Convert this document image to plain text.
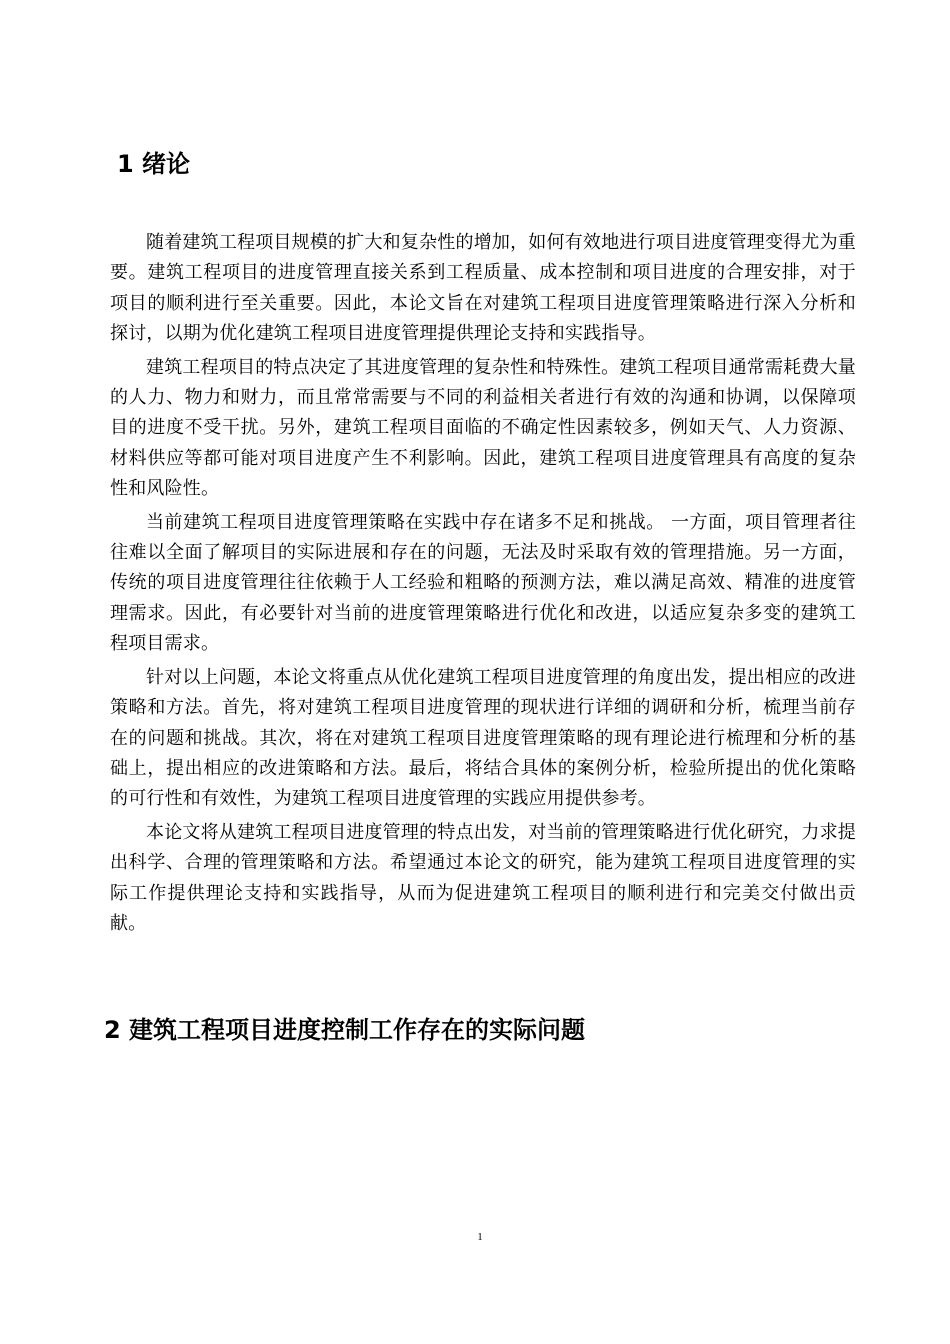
1 绪论

随着建筑工程项目规模的扩大和复杂性的增加，如何有效地进行项目进度管理变得尤为重要。建筑工程项目的进度管理直接关系到工程质量、成本控制和项目进度的合理安排，对于项目的顺利进行至关重要。因此，本论文旨在对建筑工程项目进度管理策略进行深入分析和探讨，以期为优化建筑工程项目进度管理提供理论支持和实践指导。

建筑工程项目的特点决定了其进度管理的复杂性和特殊性。建筑工程项目通常需耗费大量的人力、物力和财力，而且常常需要与不同的利益相关者进行有效的沟通和协调，以保障项目的进度不受干扰。另外，建筑工程项目面临的不确定性因素较多，例如天气、人力资源、材料供应等都可能对项目进度产生不利影响。因此，建筑工程项目进度管理具有高度的复杂性和风险性。

当前建筑工程项目进度管理策略在实践中存在诸多不足和挑战。 一方面，项目管理者往往难以全面了解项目的实际进展和存在的问题，无法及时采取有效的管理措施。另一方面，传统的项目进度管理往往依赖于人工经验和粗略的预测方法，难以满足高效、精准的进度管理需求。因此，有必要针对当前的进度管理策略进行优化和改进，以适应复杂多变的建筑工程项目需求。

针对以上问题，本论文将重点从优化建筑工程项目进度管理的角度出发，提出相应的改进策略和方法。首先，将对建筑工程项目进度管理的现状进行详细的调研和分析，梳理当前存在的问题和挑战。其次，将在对建筑工程项目进度管理策略的现有理论进行梳理和分析的基础上，提出相应的改进策略和方法。最后，将结合具体的案例分析，检验所提出的优化策略的可行性和有效性，为建筑工程项目进度管理的实践应用提供参考。

本论文将从建筑工程项目进度管理的特点出发，对当前的管理策略进行优化研究，力求提出科学、合理的管理策略和方法。希望通过本论文的研究，能为建筑工程项目进度管理的实际工作提供理论支持和实践指导，从而为促进建筑工程项目的顺利进行和完美交付做出贡献。

2 建筑工程项目进度控制工作存在的实际问题
1
